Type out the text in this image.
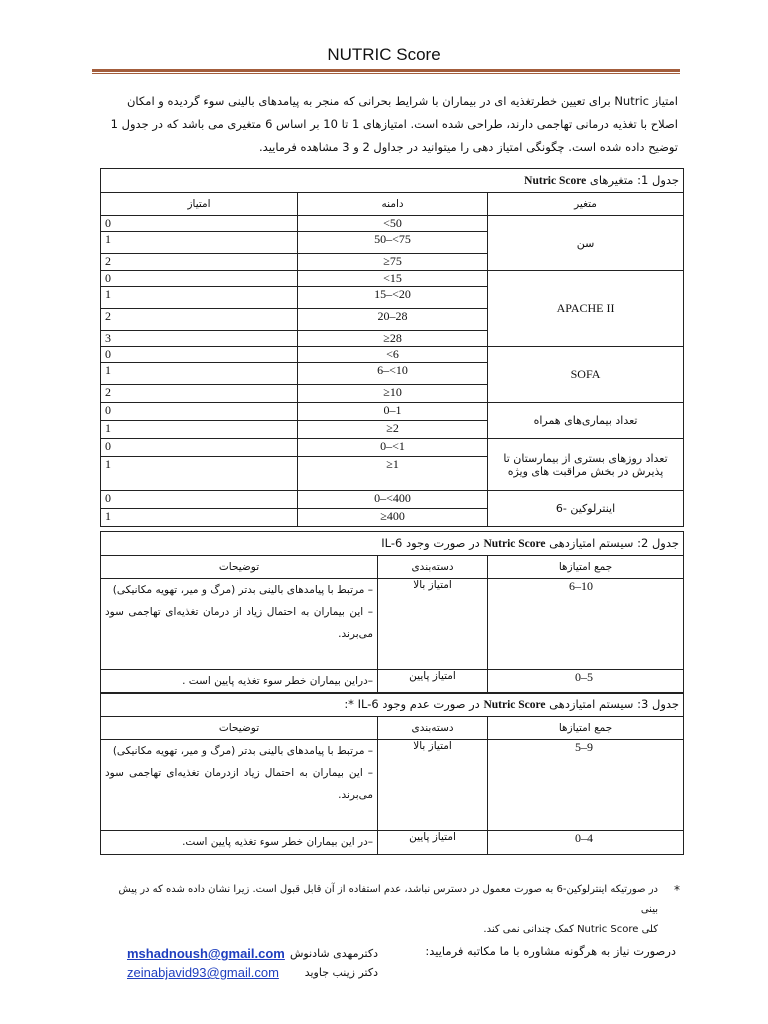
NUTRIC Score

امتیاز Nutric برای تعیین خطرتغذیه ای در بیماران با شرایط بحرانی که منجر به پیامدهای بالینی سوء گردیده و امکان

اصلاح با تغذیه درمانی تهاجمی دارند، طراحی شده است. امتیازهای 1 تا 10 بر اساس 6 متغیری می باشد که در جدول 1

توضیح داده شده است. چگونگی امتیاز دهی را میتوانید در جداول 2 و 3 مشاهده فرمایید.

جدول 1: متغیرهای Nutric Score		
متغیر	دامنه	امتیاز
سن	<50	0
	50–<75	1
	≥75	2
APACHE II	<15	0
	15–<20	1
	20–28	2
	≥28	3
SOFA	<6	0
	6–<10	1
	≥10	2
تعداد بیماری‌های همراه	0–1	0
	≥2	1
تعداد روزهای بستری از بیمارستان تا پذیرش در بخش مراقبت های ویژه	0–<1	0
	≥1	1
اینترلوکین -6	0–<400	0
	≥400	1
جدول 2: سیستم امتیازدهی Nutric Score در صورت وجود IL-6		
جمع امتیازها	دسته‌بندی	توضیحات
6–10	امتیاز بالا	– مرتبط با پیامدهای بالینی بدتر (مرگ و میر، تهویه مکانیکی)

– این بیماران به احتمال زیاد از درمان تغذیه‌ای تهاجمی سود می‌برند.

0–5	امتیاز پایین	–دراین بیماران خطر سوء تغذیه پایین است .

جدول 3: سیستم امتیازدهی Nutric Score در صورت عدم وجود IL-6 *:		
جمع امتیازها	دسته‌بندی	توضیحات
5–9	امتیاز بالا	– مرتبط با پیامدهای بالینی بدتر (مرگ و میر، تهویه مکانیکی)

– این بیماران به احتمال زیاد ازدرمان تغذیه‌ای تهاجمی سود می‌برند.

0–4	امتیاز پایین	–در این بیماران خطر سوء تغذیه پایین است.

*

در صورتیکه اینترلوکین-6 به صورت معمول در دسترس نباشد، عدم استفاده از آن قابل قبول است. زیرا نشان داده شده که در پیش بینی

کلی Nutric Score کمک چندانی نمی کند.

درصورت نیاز به هرگونه مشاوره با ما مکاتبه فرمایید:
دکترمهدی شادنوش
دکتر زینب جاوید
mshadnoush@gmail.com
zeinabjavid93@gmail.com
